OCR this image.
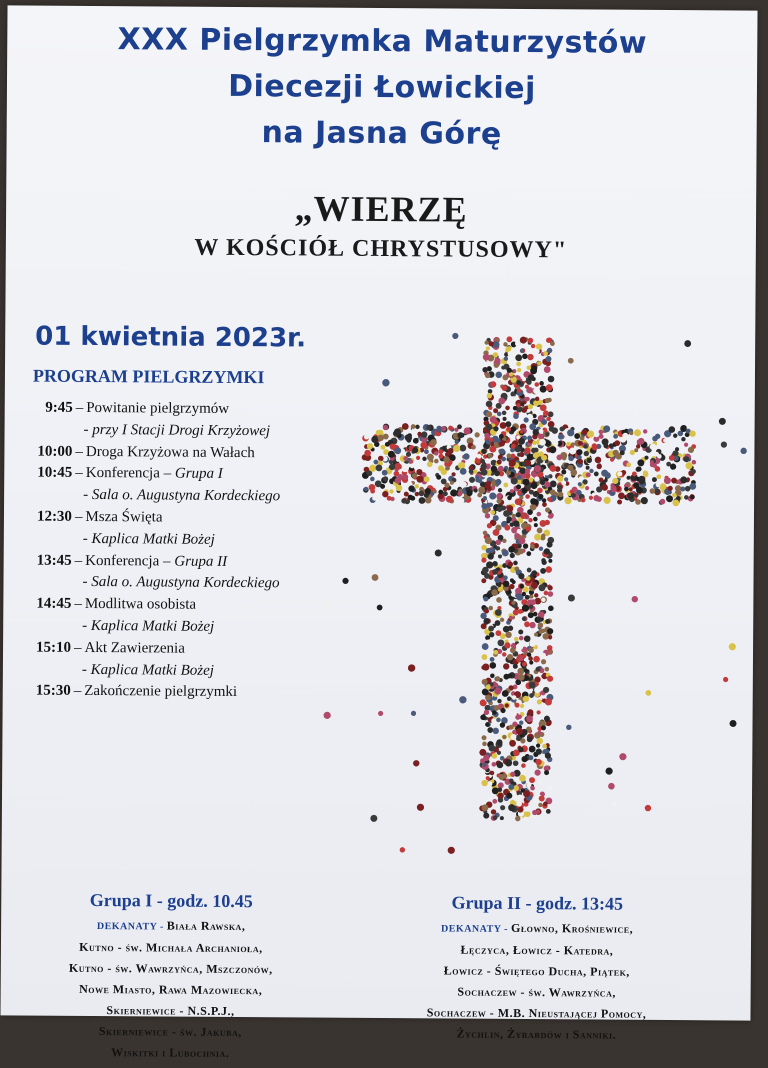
XXX Pielgrzymka Maturzystów
Diecezji Łowickiej
na Jasna Górę
„WIERZĘ
W KOŚCIÓŁ CHRYSTUSOWY"
01 kwietnia 2023r.
PROGRAM PIELGRZYMKI
9:45 – Powitanie pielgrzymów
- przy I Stacji Drogi Krzyżowej
10:00 – Droga Krzyżowa na Wałach
10:45 – Konferencja – Grupa I
- Sala o. Augustyna Kordeckiego
12:30 – Msza Święta
- Kaplica Matki Bożej
13:45 – Konferencja – Grupa II
- Sala o. Augustyna Kordeckiego
14:45 – Modlitwa osobista
- Kaplica Matki Bożej
15:10 – Akt Zawierzenia
- Kaplica Matki Bożej
15:30 – Zakończenie pielgrzymki
Grupa I - godz. 10.45
DEKANATY - Biała Rawska,
Kutno - św. Michała Archanioła,
Kutno - św. Wawrzyńca, Mszczonów,
Nowe Miasto, Rawa Mazowiecka,
Skierniewice - N.S.P.J.,
Skierniewice - św. Jakuba,
Wiskitki i Lubochnia.
Grupa II - godz. 13:45
DEKANATY - Głowno, Krośniewice,
Łęczyca, Łowicz - Katedra,
Łowicz - Świętego Ducha, Piątek,
Sochaczew - św. Wawrzyńca,
Sochaczew - M.B. Nieustającej Pomocy,
Żychlin, Żyrardów i Sanniki.
